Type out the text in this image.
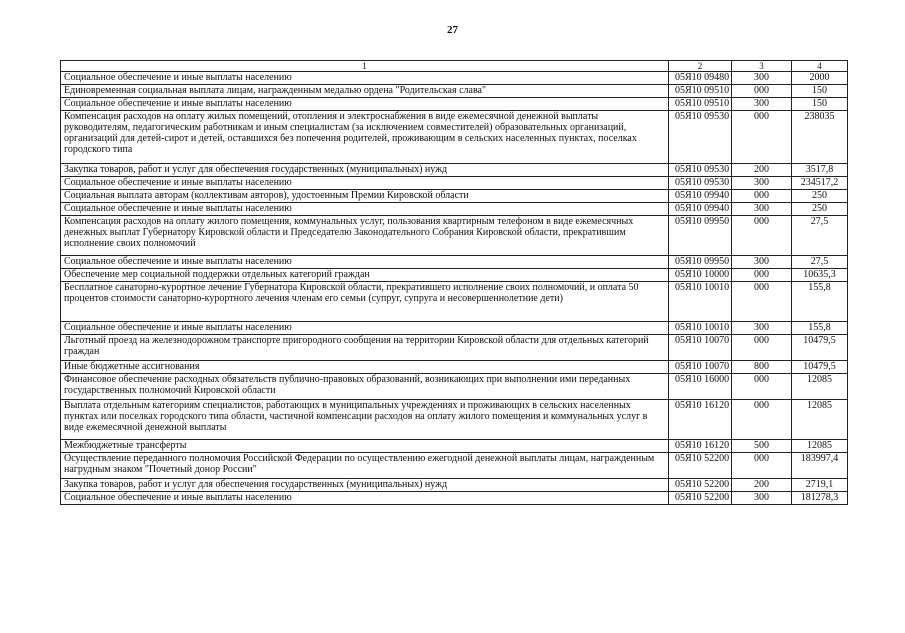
27
1	2	3	4
Социальное обеспечение и иные выплаты населению	05Я10 09480	300	2000
Единовременная социальная выплата лицам, награжденным медалью ордена "Родительская слава"	05Я10 09510	000	150
Социальное обеспечение и иные выплаты населению	05Я10 09510	300	150
Компенсация расходов на оплату жилых помещений, отопления и электроснабжения в виде ежемесячной денежной выплаты руководителям, педагогическим работникам и иным специалистам (за исключением совместителей) образовательных организаций, организаций для детей-сирот и детей, оставшихся без попечения родителей, проживающим в сельских населенных пунктах, поселках городского типа	05Я10 09530	000	238035
Закупка товаров, работ и услуг для обеспечения государственных (муниципальных) нужд	05Я10 09530	200	3517,8
Социальное обеспечение и иные выплаты населению	05Я10 09530	300	234517,2
Социальная выплата авторам (коллективам авторов), удостоенным Премии Кировской области	05Я10 09940	000	250
Социальное обеспечение и иные выплаты населению	05Я10 09940	300	250
Компенсация расходов на оплату жилого помещения, коммунальных услуг, пользования квартирным телефоном в виде ежемесячных денежных выплат Губернатору Кировской области и Председателю Законодательного Собрания Кировской области, прекратившим исполнение своих полномочий	05Я10 09950	000	27,5
Социальное обеспечение и иные выплаты населению	05Я10 09950	300	27,5
Обеспечение мер социальной поддержки отдельных категорий граждан	05Я10 10000	000	10635,3
Бесплатное санаторно-курортное лечение Губернатора Кировской области, прекратившего исполнение своих полномочий, и оплата 50 процентов стоимости санаторно-курортного лечения членам его семьи (супруг, супруга и несовершеннолетние дети)	05Я10 10010	000	155,8
Социальное обеспечение и иные выплаты населению	05Я10 10010	300	155,8
Льготный проезд на железнодорожном транспорте пригородного сообщения на территории Кировской области для отдельных категорий граждан	05Я10 10070	000	10479,5
Иные бюджетные ассигнования	05Я10 10070	800	10479,5
Финансовое обеспечение расходных обязательств публично-правовых образований, возникающих при выполнении ими переданных государственных полномочий Кировской области	05Я10 16000	000	12085
Выплата отдельным категориям специалистов, работающих в муниципальных учреждениях и проживающих в сельских населенных пунктах или поселках городского типа области, частичной компенсации расходов на оплату жилого помещения и коммунальных услуг в виде ежемесячной денежной выплаты	05Я10 16120	000	12085
Межбюджетные трансферты	05Я10 16120	500	12085
Осуществление переданного полномочия Российской Федерации по осуществлению ежегодной денежной выплаты лицам, награжденным нагрудным знаком "Почетный донор России"	05Я10 52200	000	183997,4
Закупка товаров, работ и услуг для обеспечения государственных (муниципальных) нужд	05Я10 52200	200	2719,1
Социальное обеспечение и иные выплаты населению	05Я10 52200	300	181278,3
